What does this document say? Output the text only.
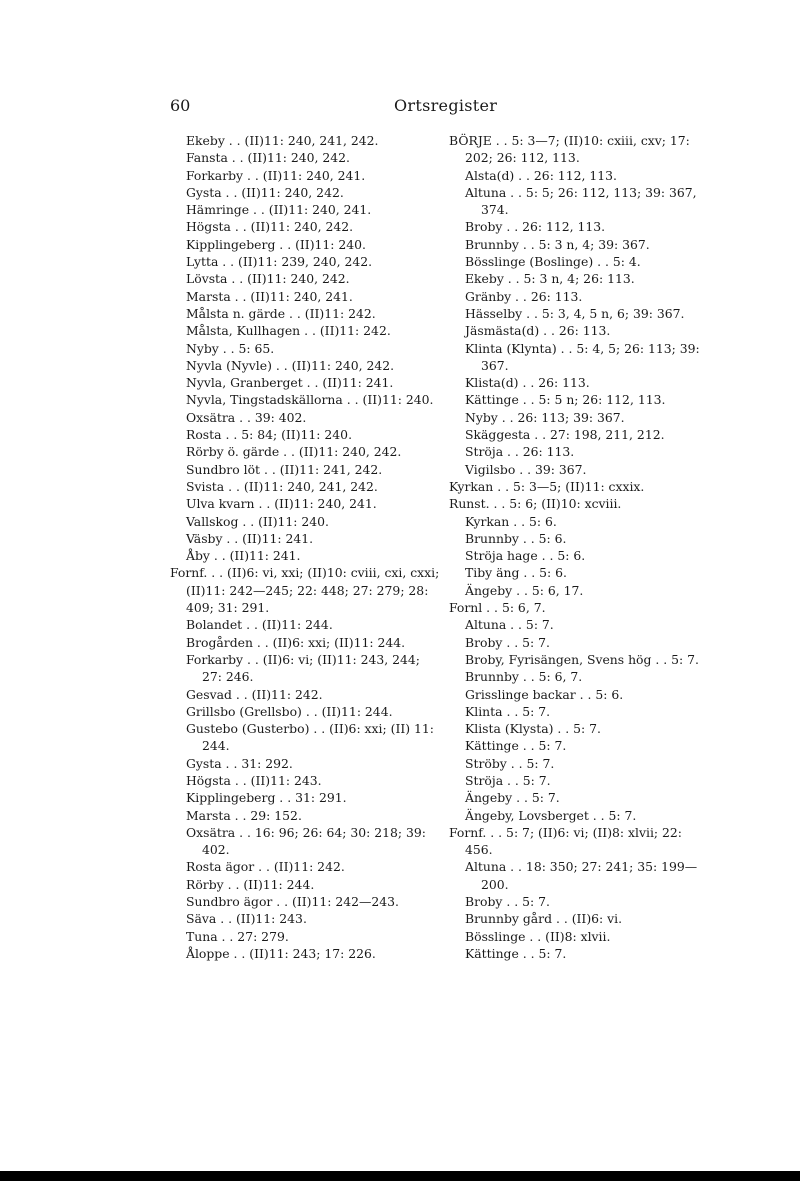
60	Ortsregister
Ekeby . . (II)11: 240, 241, 242.
Fansta . . (II)11: 240, 242.
Forkarby . . (II)11: 240, 241.
Gysta . . (II)11: 240, 242.
Hämringe . . (II)11: 240, 241.
Högsta . . (II)11: 240, 242.
Kipplingeberg . . (II)11: 240.
Lytta . . (II)11: 239, 240, 242.
Lövsta . . (II)11: 240, 242.
Marsta . . (II)11: 240, 241.
Målsta n. gärde . . (II)11: 242.
Målsta, Kullhagen . . (II)11: 242.
Nyby . . 5: 65.
Nyvla (Nyvle) . . (II)11: 240, 242.
Nyvla, Granberget . . (II)11: 241.
Nyvla, Tingstadskällorna . . (II)11: 240.
Oxsätra . . 39: 402.
Rosta . . 5: 84; (II)11: 240.
Rörby ö. gärde . . (II)11: 240, 242.
Sundbro löt . . (II)11: 241, 242.
Svista . . (II)11: 240, 241, 242.
Ulva kvarn . . (II)11: 240, 241.
Vallskog . . (II)11: 240.
Väsby . . (II)11: 241.
Åby . . (II)11: 241.
Fornf. . . (II)6: vi, xxi; (II)10: cviii, cxi, cxxi; (II)11: 242—245; 22: 448; 27: 279; 28: 409; 31: 291.
Bolandet . . (II)11: 244.
Brogården . . (II)6: xxi; (II)11: 244.
Forkarby . . (II)6: vi; (II)11: 243, 244; 27: 246.
Gesvad . . (II)11: 242.
Grillsbo (Grellsbo) . . (II)11: 244.
Gustebo (Gusterbo) . . (II)6: xxi; (II) 11: 244.
Gysta . . 31: 292.
Högsta . . (II)11: 243.
Kipplingeberg . . 31: 291.
Marsta . . 29: 152.
Oxsätra . . 16: 96; 26: 64; 30: 218; 39: 402.
Rosta ägor . . (II)11: 242.
Rörby . . (II)11: 244.
Sundbro ägor . . (II)11: 242—243.
Säva . . (II)11: 243.
Tuna . . 27: 279.
Åloppe . . (II)11: 243; 17: 226.
BÖRJE . . 5: 3—7; (II)10: cxiii, cxv; 17: 202; 26: 112, 113.
Alsta(d) . . 26: 112, 113.
Altuna . . 5: 5; 26: 112, 113; 39: 367, 374.
Broby . . 26: 112, 113.
Brunnby . . 5: 3 n, 4; 39: 367.
Bösslinge (Boslinge) . . 5: 4.
Ekeby . . 5: 3 n, 4; 26: 113.
Gränby . . 26: 113.
Hässelby . . 5: 3, 4, 5 n, 6; 39: 367.
Jäsmästa(d) . . 26: 113.
Klinta (Klynta) . . 5: 4, 5; 26: 113; 39: 367.
Klista(d) . . 26: 113.
Kättinge . . 5: 5 n; 26: 112, 113.
Nyby . . 26: 113; 39: 367.
Skäggesta . . 27: 198, 211, 212.
Ströja . . 26: 113.
Vigilsbo . . 39: 367.
Kyrkan . . 5: 3—5; (II)11: cxxix.
Runst. . . 5: 6; (II)10: xcviii.
Kyrkan . . 5: 6.
Brunnby . . 5: 6.
Ströja hage . . 5: 6.
Tiby äng . . 5: 6.
Ängeby . . 5: 6, 17.
Fornl . . 5: 6, 7.
Altuna . . 5: 7.
Broby . . 5: 7.
Broby, Fyrisängen, Svens hög . . 5: 7.
Brunnby . . 5: 6, 7.
Grisslinge backar . . 5: 6.
Klinta . . 5: 7.
Klista (Klysta) . . 5: 7.
Kättinge . . 5: 7.
Ströby . . 5: 7.
Ströja . . 5: 7.
Ängeby . . 5: 7.
Ängeby, Lovsberget . . 5: 7.
Fornf. . . 5: 7; (II)6: vi; (II)8: xlvii; 22: 456.
Altuna . . 18: 350; 27: 241; 35: 199—200.
Broby . . 5: 7.
Brunnby gård . . (II)6: vi.
Bösslinge . . (II)8: xlvii.
Kättinge . . 5: 7.
